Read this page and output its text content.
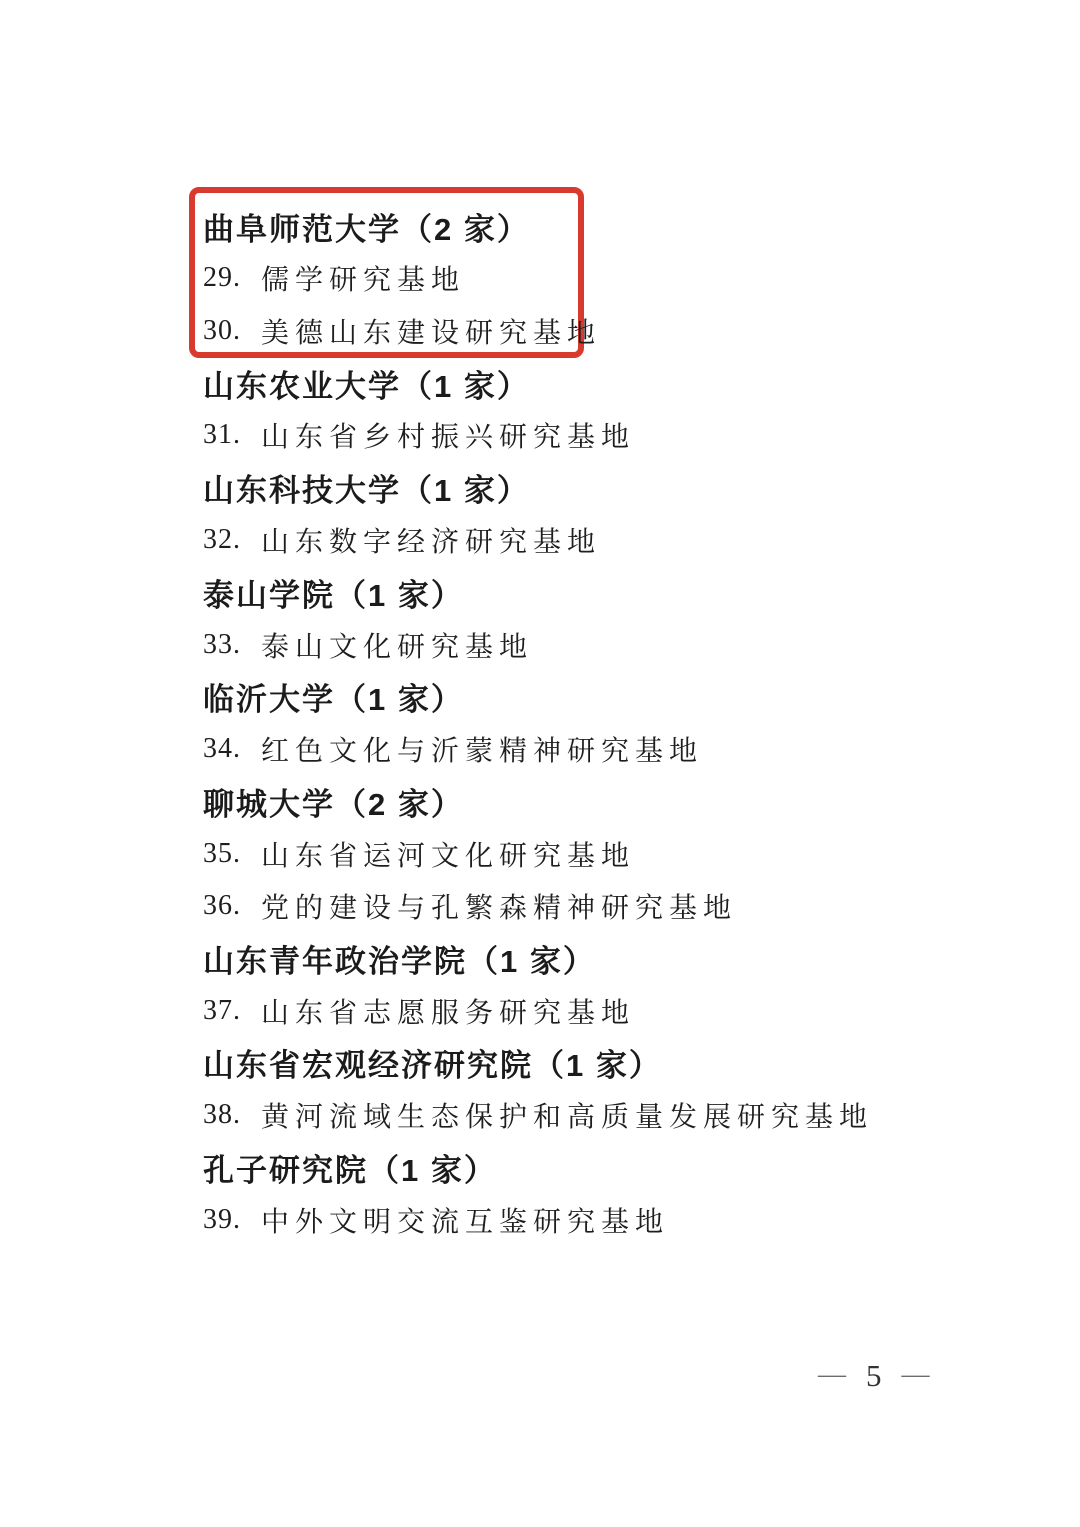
曲阜师范大学（2 家）
29. 儒学研究基地
30. 美德山东建设研究基地
山东农业大学（1 家）
31. 山东省乡村振兴研究基地
山东科技大学（1 家）
32. 山东数字经济研究基地
泰山学院（1 家）
33. 泰山文化研究基地
临沂大学（1 家）
34. 红色文化与沂蒙精神研究基地
聊城大学（2 家）
35. 山东省运河文化研究基地
36. 党的建设与孔繁森精神研究基地
山东青年政治学院（1 家）
37. 山东省志愿服务研究基地
山东省宏观经济研究院（1 家）
38. 黄河流域生态保护和高质量发展研究基地
孔子研究院（1 家）
39. 中外文明交流互鉴研究基地
— 5 —
